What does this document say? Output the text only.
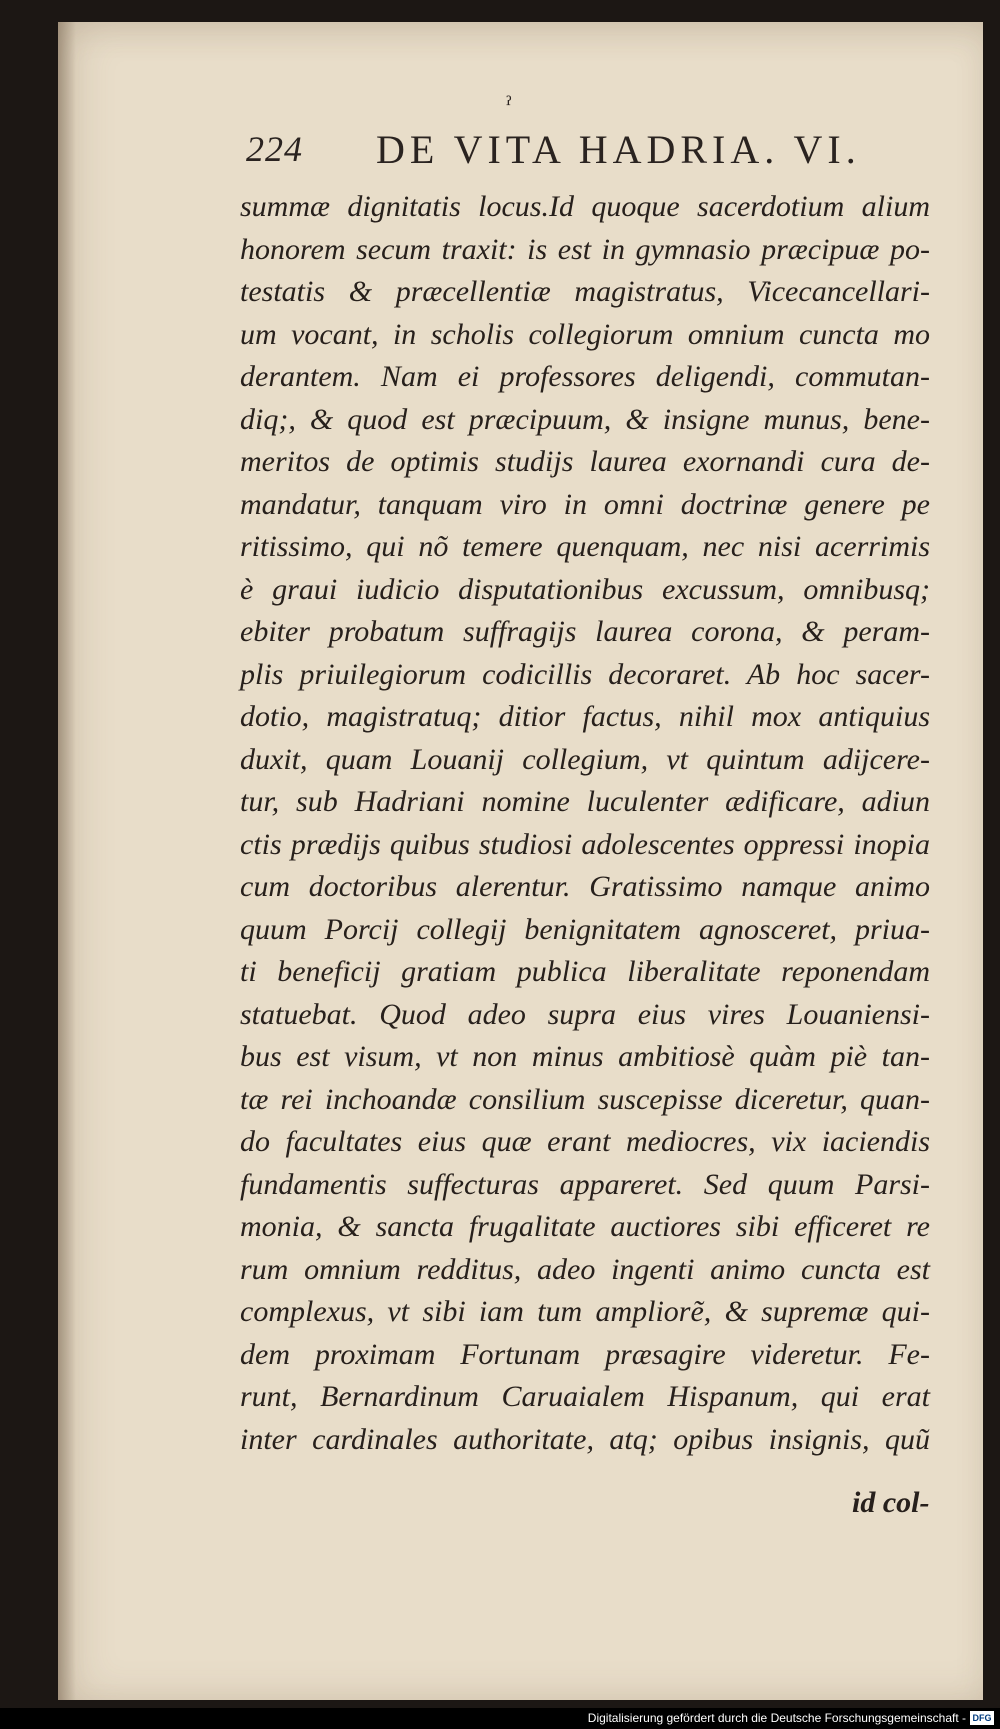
ˀ
224 DE VITA HADRIA. VI.
summæ dignitatis locus.Id quoque sacerdotium alium
honorem secum traxit: is est in gymnasio præcipuæ po-
testatis & præcellentiæ magistratus, Vicecancellari-
um vocant, in scholis collegiorum omnium cuncta mo
derantem. Nam ei professores deligendi, commutan-
diq;, & quod est præcipuum, & insigne munus, bene-
meritos de optimis studijs laurea exornandi cura de-
mandatur, tanquam viro in omni doctrinæ genere pe
ritissimo, qui nõ temere quenquam, nec nisi acerrimis
è graui iudicio disputationibus excussum, omnibusq;
ebiter probatum suffragijs laurea corona, & peram-
plis priuilegiorum codicillis decoraret. Ab hoc sacer-
dotio, magistratuq; ditior factus, nihil mox antiquius
duxit, quam Louanij collegium, vt quintum adijcere-
tur, sub Hadriani nomine luculenter ædificare, adiun
ctis prædijs quibus studiosi adolescentes oppressi inopia
cum doctoribus alerentur. Gratissimo namque animo
quum Porcij collegij benignitatem agnosceret, priua-
ti beneficij gratiam publica liberalitate reponendam
statuebat. Quod adeo supra eius vires Louaniensi-
bus est visum, vt non minus ambitiosè quàm piè tan-
tæ rei inchoandæ consilium suscepisse diceretur, quan-
do facultates eius quæ erant mediocres, vix iaciendis
fundamentis suffecturas appareret. Sed quum Parsi-
monia, & sancta frugalitate auctiores sibi efficeret re
rum omnium redditus, adeo ingenti animo cuncta est
complexus, vt sibi iam tum ampliorẽ, & supremæ qui-
dem proximam Fortunam præsagire videretur. Fe-
runt, Bernardinum Caruaialem Hispanum, qui erat
inter cardinales authoritate, atq; opibus insignis, quũ
id col-
Digitalisierung gefördert durch die Deutsche Forschungsgemeinschaft - DFG
